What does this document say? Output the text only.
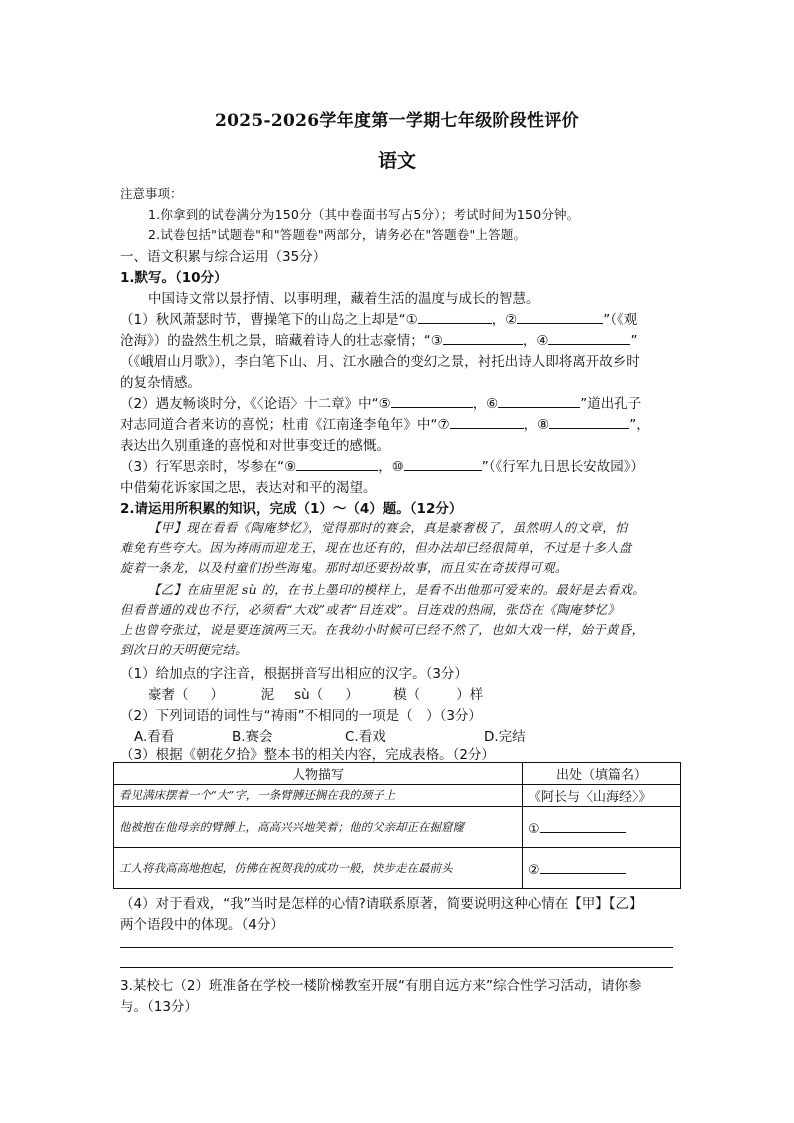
2025-2026学年度第一学期七年级阶段性评价
语文
注意事项：
1.你拿到的试卷满分为150分（其中卷面书写占5分）；考试时间为150分钟。
2.试卷包括"试题卷"和"答题卷"两部分，请务必在"答题卷"上答题。
一、语文积累与综合运用（35分）
1.默写。（10分）
中国诗文常以景抒情、以事明理，藏着生活的温度与成长的智慧。
（1）秋风萧瑟时节，曹操笔下的山岛之上却是“①	，②	”（《观
沧海》）的盎然生机之景，暗藏着诗人的壮志豪情；“③	，④	”
（《峨眉山月歌》），李白笔下山、月、江水融合的变幻之景，衬托出诗人即将离开故乡时
的复杂情感。
（2）遇友畅谈时分，《〈论语〉十二章》中“⑤	，⑥	”道出孔子
对志同道合者来访的喜悦；杜甫《江南逢李龟年》中“⑦	，⑧	”，
表达出久别重逢的喜悦和对世事变迁的感慨。
（3）行军思亲时，岑参在“⑨	，⑩	”（《行军九日思长安故园》）
中借菊花诉家国之思，表达对和平的渴望。
2.请运用所积累的知识，完成（1）～（4）题。（12分）
【甲】现在看看《陶庵梦忆》，觉得那时的赛会，真是豪奢极了，虽然明人的文章，怕
难免有些夸大。因为祷雨而迎龙王，现在也还有的，但办法却已经很简单，不过是十多人盘
旋着一条龙，以及村童们扮些海鬼。那时却还要扮故事，而且实在奇拔得可观。
【乙】在庙里泥 sù 的，在书上墨印的模样上，是看不出他那可爱来的。最好是去看戏。
但看普通的戏也不行，必须看“大戏”或者“目连戏”。目连戏的热闹，张岱在《陶庵梦忆》
上也曾夸张过，说是要连演两三天。在我幼小时候可已经不然了，也如大戏一样，始于黄昏，
到次日的天明便完结。
（1）给加点的字注音，根据拼音写出相应的汉字。（3分）
豪奢（ ）	泥 sù（ ）	模（	）样
（2）下列词语的词性与“祷雨”不相同的一项是（　）（3分）
A.看看	B.赛会	C.看戏	D.完结
（3）根据《朝花夕拾》整本书的相关内容，完成表格。（2分）
人物描写	出处（填篇名）
看见满床摆着一个“大”字，一条臂膊还搁在我的颈子上	《阿长与〈山海经〉》
他被抱在他母亲的臂膊上，高高兴兴地笑着；他的父亲却正在掘窟窿	①
工人将我高高地抱起，仿佛在祝贺我的成功一般，快步走在最前头	②
（4）对于看戏，“我”当时是怎样的心情?请联系原著，简要说明这种心情在【甲】【乙】
两个语段中的体现。（4分）
3.某校七（2）班准备在学校一楼阶梯教室开展“有朋自远方来”综合性学习活动，请你参
与。（13分）
